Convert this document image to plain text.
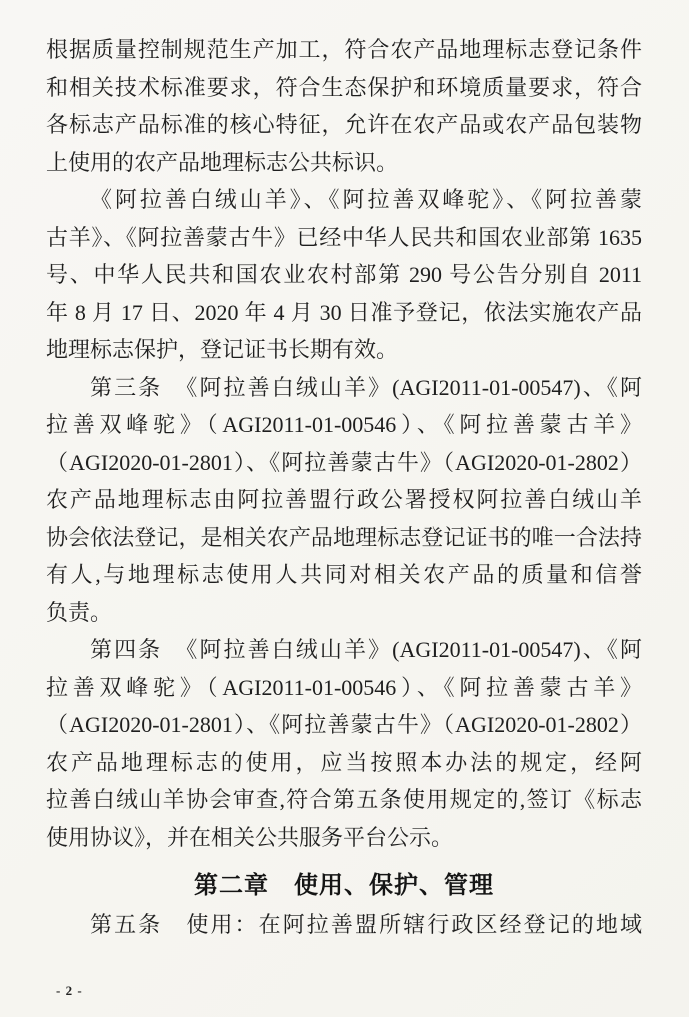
根据质量控制规范生产加工，符合农产品地理标志登记条件
和相关技术标准要求，符合生态保护和环境质量要求，符合
各标志产品标准的核心特征，允许在农产品或农产品包装物
上使用的农产品地理标志公共标识。
《阿拉善白绒山羊》、《阿拉善双峰驼》、《阿拉善蒙
古羊》、《阿拉善蒙古牛》已经中华人民共和国农业部第 1635
号、中华人民共和国农业农村部第 290 号公告分别自 2011
年 8 月 17 日、2020 年 4 月 30 日准予登记，依法实施农产品
地理标志保护，登记证书长期有效。
第三条　《阿拉善白绒山羊》(AGI2011-01-00547)、《阿
拉善双峰驼》（AGI2011-01-00546）、《阿拉善蒙古羊》
（AGI2020-01-2801）、《阿拉善蒙古牛》（AGI2020-01-2802）
农产品地理标志由阿拉善盟行政公署授权阿拉善白绒山羊
协会依法登记，是相关农产品地理标志登记证书的唯一合法持
有人,与地理标志使用人共同对相关农产品的质量和信誉
负责。
第四条　《阿拉善白绒山羊》(AGI2011-01-00547)、《阿
拉善双峰驼》（AGI2011-01-00546）、《阿拉善蒙古羊》
（AGI2020-01-2801）、《阿拉善蒙古牛》（AGI2020-01-2802）
农产品地理标志的使用，应当按照本办法的规定，经阿
拉善白绒山羊协会审查,符合第五条使用规定的,签订《标志
使用协议》，并在相关公共服务平台公示。
第二章　使用、保护、管理
第五条　使用：在阿拉善盟所辖行政区经登记的地域
- 2 -
